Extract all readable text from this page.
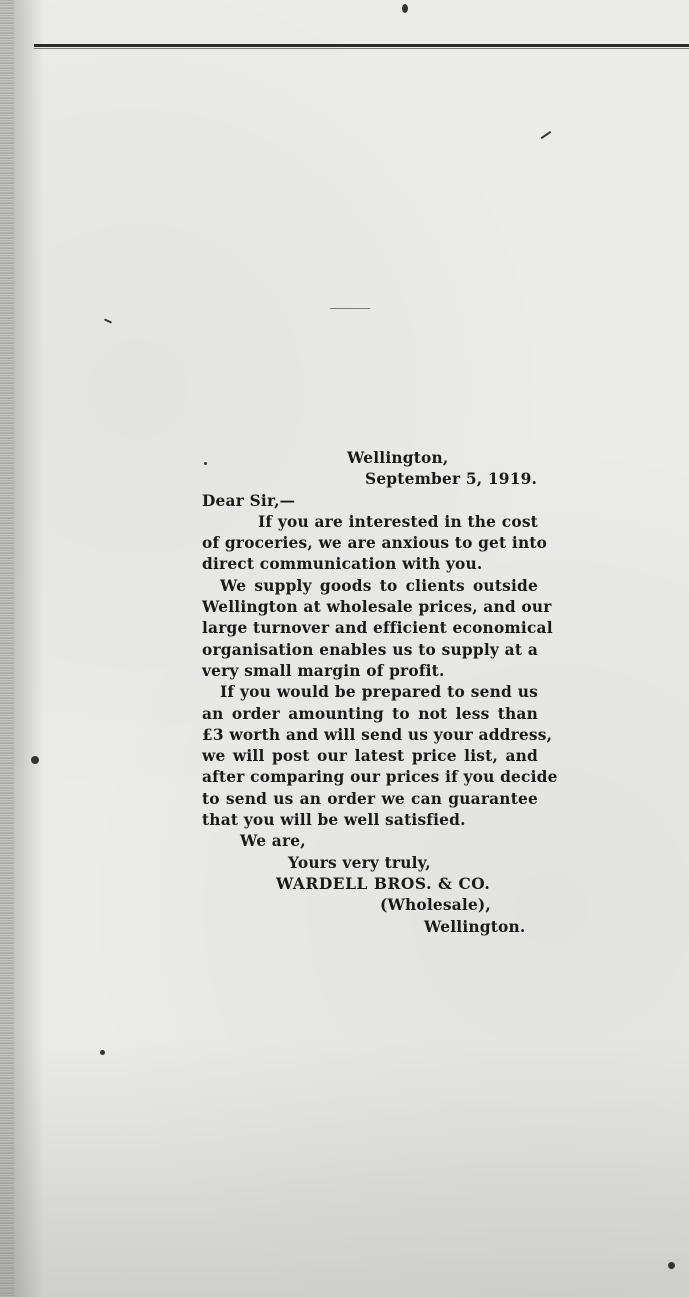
Wellington,
September 5, 1919.
Dear Sir,—
If you are interested in the cost
of groceries, we are anxious to get into
direct communication with you.
We supply goods to clients outside
Wellington at wholesale prices, and our
large turnover and efficient economical
organisation enables us to supply at a
very small margin of profit.
If you would be prepared to send us
an order amounting to not less than
£3 worth and will send us your address,
we will post our latest price list, and
after comparing our prices if you decide
to send us an order we can guarantee
that you will be well satisfied.
We are,
Yours very truly,
WARDELL BROS. & CO.
(Wholesale),
Wellington.
